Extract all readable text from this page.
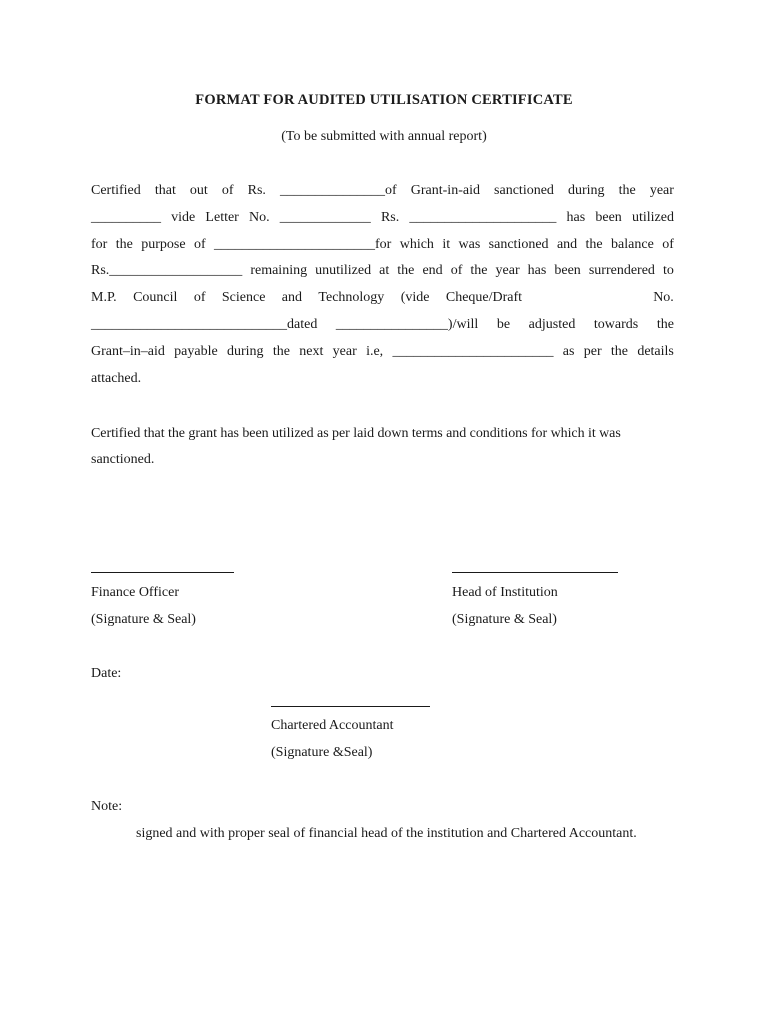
FORMAT FOR AUDITED UTILISATION CERTIFICATE
(To be submitted with annual report)
Certified that out of Rs. _______________of Grant-in-aid sanctioned during the year
__________ vide Letter No. _____________ Rs. _____________________ has been utilized
for the purpose of _______________________for which it was sanctioned and the balance of
Rs.___________________ remaining unutilized at the end of the year has been surrendered to
M.P. Council of Science and Technology (vide Cheque/Draft	No.
____________________________dated ________________)/will be adjusted towards the
Grant–in–aid payable during the next year i.e, _______________________ as per the details
attached.
Certified that the grant has been utilized as per laid down terms and conditions for which it was
sanctioned.
Finance Officer
(Signature & Seal)
Head of Institution
(Signature & Seal)
Date:
Chartered Accountant
(Signature &Seal)
Note:
signed and with proper seal of financial head of the institution and Chartered Accountant.
